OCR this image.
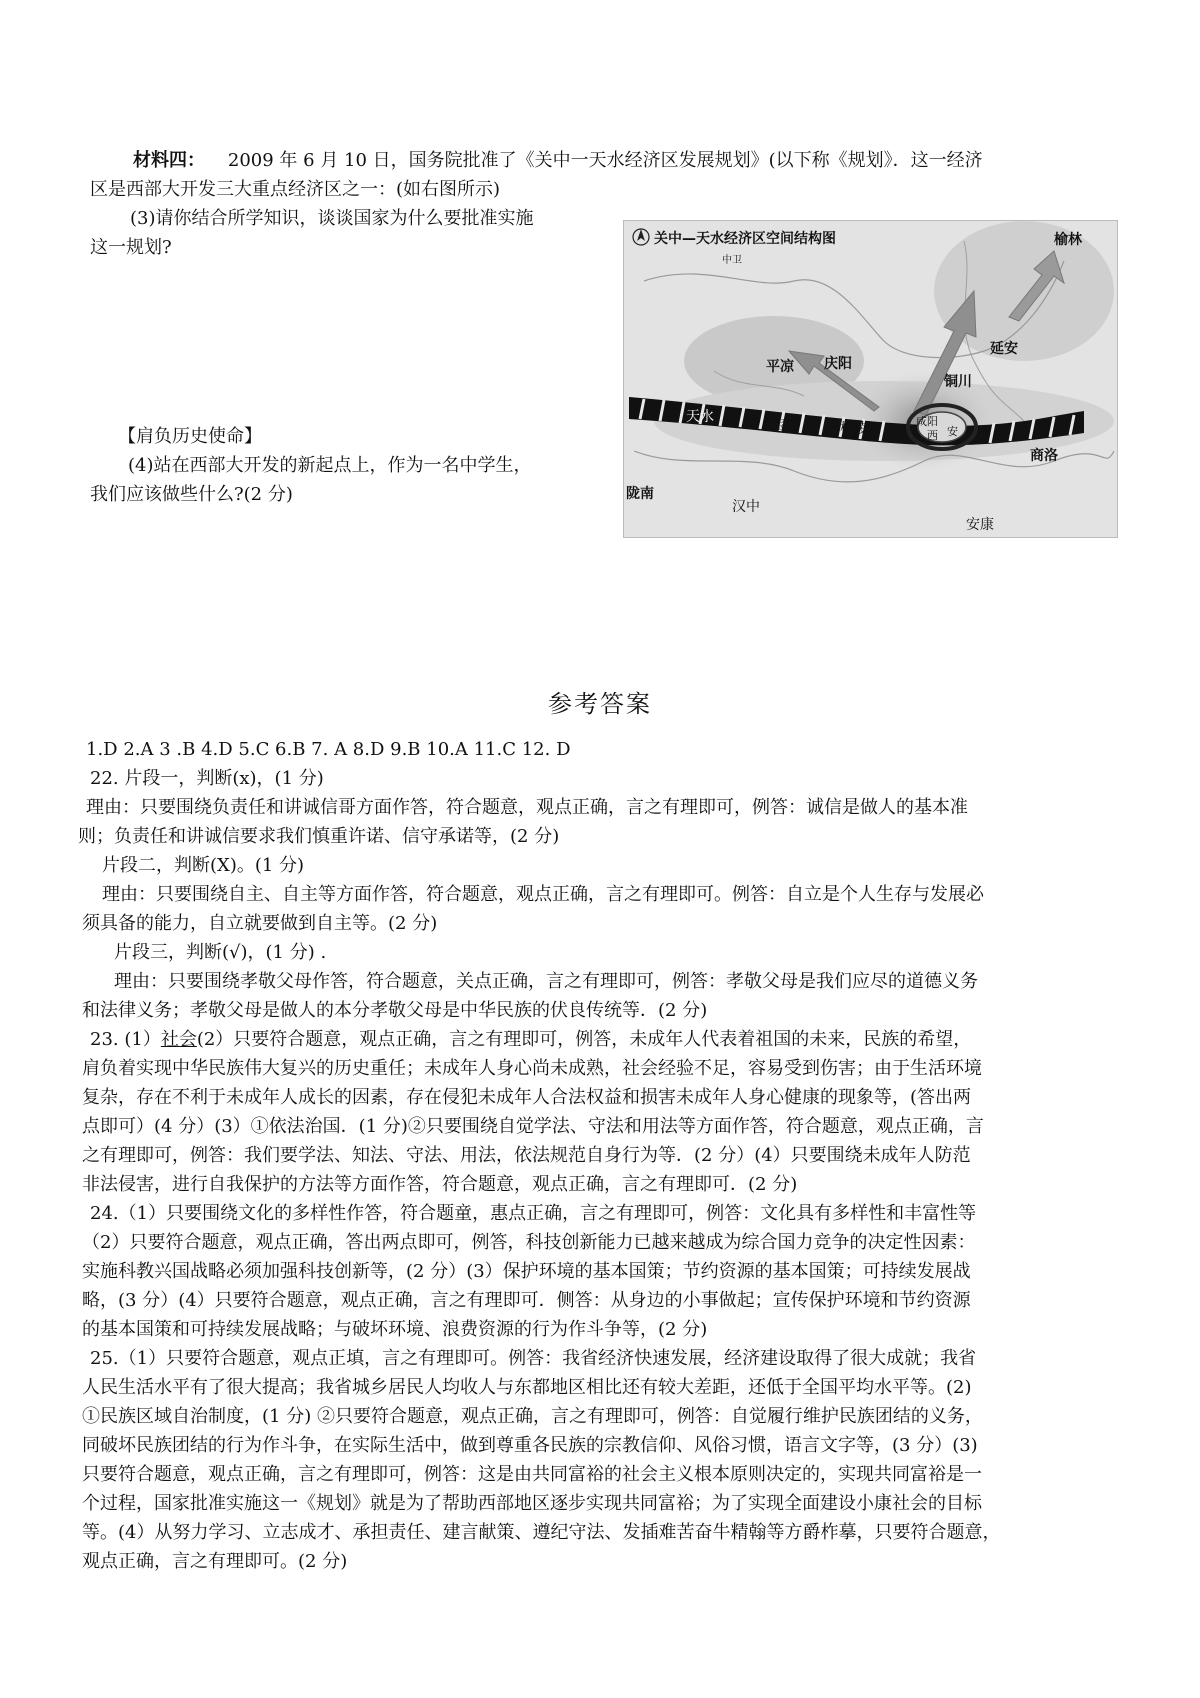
材料四： 2009 年 6 月 10 日，国务院批准了《关中一天水经济区发展规划》(以下称《规划》．这一经济
区是西部大开发三大重点经济区之一：(如右图所示)
(3)请你结合所学知识，谈谈国家为什么要批准实施
这一规划?
【肩负历史使命】
(4)站在西部大开发的新起点上，作为一名中学生，
我们应该做些什么?(2 分)
关中—天水经济区空间结构图
中卫
榆林
延安
平凉 庆阳
天水	宝鸡	杨凌
铜川
咸阳
西 安
商洛
陇南
汉中
安康
参考答案
1.D 2.A 3 .B 4.D 5.C 6.B 7. A 8.D 9.B 10.A 11.C 12. D
22. 片段一，判断(x)，(1 分)
理由：只要围绕负责任和讲诚信哥方面作答，符合题意，观点正确，言之有理即可，例答：诚信是做人的基本准
则；负责任和讲诚信要求我们慎重许诺、信守承诺等，(2 分)
片段二，判断(X)。(1 分)
理由：只要围绕自主、自主等方面作答，符合题意，观点正确，言之有理即可。例答：自立是个人生存与发展必
须具备的能力，自立就要做到自主等。(2 分)
片段三，判断(√)，(1 分) .
理由：只要围绕孝敬父母作答，符合题意，关点正确，言之有理即可，例答：孝敬父母是我们应尽的道德义务
和法律义务；孝敬父母是做人的本分孝敬父母是中华民族的伏良传统等．(2 分)
23. (1）社会(2）只要符合题意，观点正确，言之有理即可，例答，未成年人代表着祖国的未来，民族的希望，
肩负着实现中华民族伟大复兴的历史重任；未成年人身心尚未成熟，社会经验不足，容易受到伤害；由于生活环境
复杂，存在不利于未成年人成长的因素，存在侵犯未成年人合法权益和损害未成年人身心健康的现象等，(答出两
点即可）(4 分）(3）①依法治国．(1 分)②只要围绕自觉学法、守法和用法等方面作答，符合题意，观点正确，言
之有理即可，例答：我们要学法、知法、守法、用法，依法规范自身行为等．(2 分）(4）只要围绕未成年人防范
非法侵害，进行自我保护的方法等方面作答，符合题意，观点正确，言之有理即可．(2 分)
24.（1）只要围绕文化的多样性作答，符合题童，惠点正确，言之有理即可，例答：文化具有多样性和丰富性等
（2）只要符合题意，观点正确，答出两点即可，例答，科技创新能力已越来越成为综合国力竞争的决定性因素：
实施科教兴国战略必须加强科技创新等，(2 分）(3）保护环境的基本国策；节约资源的基本国策；可持续发展战
略，(3 分）(4）只要符合题意，观点正确，言之有理即可．侧答：从身边的小事做起；宣传保护环境和节约资源
的基本国策和可持续发展战略；与破坏环境、浪费资源的行为作斗争等，(2 分)
25.（1）只要符合题意，观点正填，言之有理即可。例答：我省经济快速发展，经济建设取得了很大成就；我省
人民生活水平有了很大提高；我省城乡居民人均收人与东都地区相比还有较大差距，还低于全国平均水平等。(2)
①民族区域自治制度，(1 分) ②只要符合题意，观点正确，言之有理即可，例答：自觉履行维护民族团结的义务，
同破坏民族团结的行为作斗争，在实际生活中，做到尊重各民族的宗教信仰、风俗习惯，语言文字等，(3 分）(3)
只要符合题意，观点正确，言之有理即可，例答：这是由共同富裕的社会主义根本原则决定的，实现共同富裕是一
个过程，国家批准实施这一《规划》就是为了帮助西部地区逐步实现共同富裕；为了实现全面建设小康社会的目标
等。(4）从努力学习、立志成才、承担责任、建言献策、遵纪守法、发插难苦奋牛精翰等方爵柞摹，只要符合题意，
观点正确，言之有理即可。(2 分)
